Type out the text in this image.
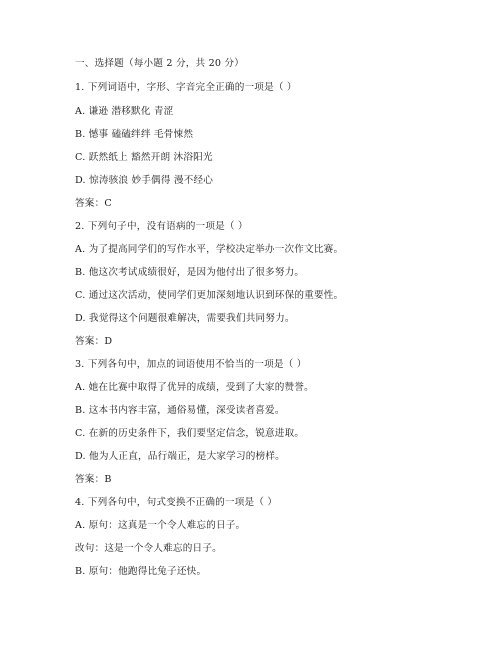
一、选择题（每小题 2 分，共 20 分）
1. 下列词语中，字形、字音完全正确的一项是（ ）
A. 谦逊 潜移默化 青涩
B. 憾事 磕磕绊绊 毛骨悚然
C. 跃然纸上 豁然开朗 沐浴阳光
D. 惊涛骇浪 妙手偶得 漫不经心
答案：C
2. 下列句子中，没有语病的一项是（ ）
A. 为了提高同学们的写作水平，学校决定举办一次作文比赛。
B. 他这次考试成绩很好，是因为他付出了很多努力。
C. 通过这次活动，使同学们更加深刻地认识到环保的重要性。
D. 我觉得这个问题很难解决，需要我们共同努力。
答案：D
3. 下列各句中，加点的词语使用不恰当的一项是（ ）
A. 她在比赛中取得了优异的成绩，受到了大家的赞誉。
B. 这本书内容丰富，通俗易懂，深受读者喜爱。
C. 在新的历史条件下，我们要坚定信念，锐意进取。
D. 他为人正直，品行端正，是大家学习的榜样。
答案：B
4. 下列各句中，句式变换不正确的一项是（ ）
A. 原句：这真是一个令人难忘的日子。
改句：这是一个令人难忘的日子。
B. 原句：他跑得比兔子还快。
